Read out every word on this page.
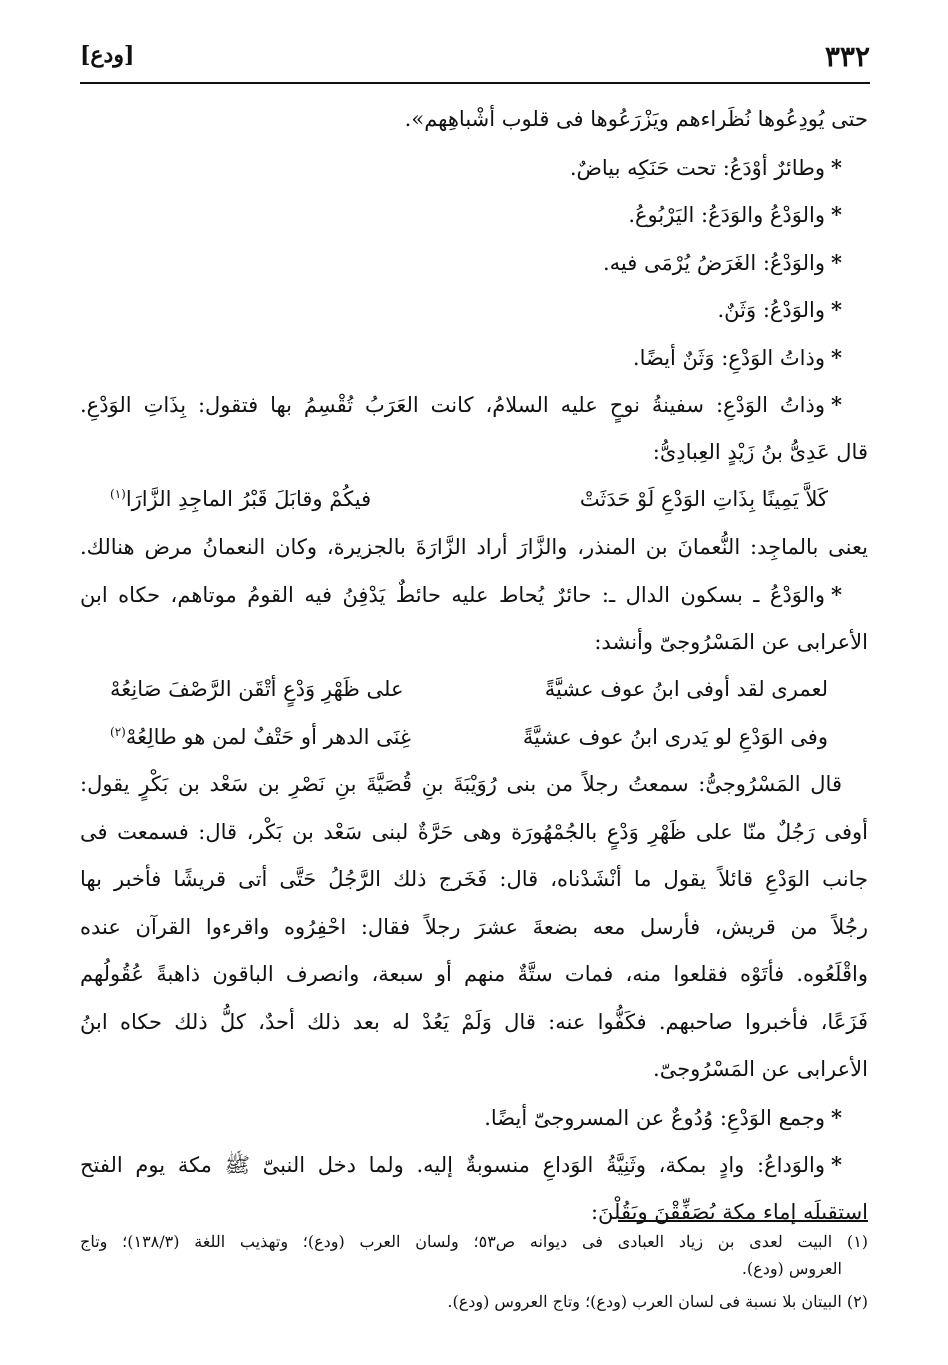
٣٣٢
[ودع]
حتى يُودِعُوها نُظَراءهم ويَزْرَعُوها فى قلوب أشْباهِهم».
*وطائرٌ أوْدَعُ: تحت حَنَكِه بياضٌ.
*والوَدْعُ والوَدَعُ: اليَرْبُوعُ.
*والوَدْعُ: الغَرَضُ يُرْمَى فيه.
*والوَدْعُ: وَثَنٌ.
*وذاتُ الوَدْعِ: وَثَنٌ أيضًا.
*وذاتُ الوَدْعِ: سفينةُ نوحٍ عليه السلامُ، كانت العَرَبُ تُقْسِمُ بها فتقول: بِذَاتِ الوَدْعِ.
قال عَدِىُّ بنُ زَيْدٍ العِبادِىُّ:
كَلاَّ يَمِينًا بِذَاتِ الوَدْعِ لَوْ حَدَثَتْ
فيكُمْ وقابَلَ قَبْرُ الماجِدِ الزَّارَا$^{(١)}$
يعنى بالماجِد: النُّعمانَ بن المنذر، والزَّارَ أراد الزَّارَةَ بالجزيرة، وكان النعمانُ مرض هنالك.
*والوَدْعُ ـ بسكون الدال ـ: حائرٌ يُحاط عليه حائطٌ يَدْفِنُ فيه القومُ موتاهم، حكاه ابن
الأعرابى عن المَسْرُوجىّ وأنشد:
لعمرى لقد أوفى ابنُ عوف عشيَّةً
على ظَهْرِ وَدْعٍ أتْقَن الرَّصْفَ صَانِعُهْ
وفى الوَدْعِ لو يَدرى ابنُ عوف عشيَّةً
غِنَى الدهر أو حَتْفٌ لمن هو طالِعُهْ$^{(٢)}$
قال المَسْرُوجىُّ: سمعتُ رجلاً من بنى رُوَيْبَةَ بنِ قُصَيَّةَ بنِ نَصْرِ بن سَعْد بن بَكْرٍ يقول:
أوفى رَجُلٌ منّا على ظَهْرِ وَدْعٍ بالجُمْهُورَة وهى حَرَّةٌ لبنى سَعْد بن بَكْر، قال: فسمعت فى
جانب الوَدْعِ قائلاً يقول ما أنْشَدْناه، قال: فَخَرج ذلك الرَّجُلُ حَتَّى أتى قريشًا فأخبر بها
رجُلاً من قريش، فأرسل معه بضعةَ عشرَ رجلاً فقال: احْفِرُوه واقرءوا القرآن عنده
واقْلَعُوه. فأتَوْه فقلعوا منه، فمات ستَّةٌ منهم أو سبعة، وانصرف الباقون ذاهبةً عُقُولُهم
فَزَعًا، فأخبروا صاحبهم. فكَفُّوا عنه: قال وَلَمْ يَعُدْ له بعد ذلك أحدٌ، كلُّ ذلك حكاه ابنُ
الأعرابى عن المَسْرُوجىّ.
*وجمع الوَدْعِ: وُدُوعٌ عن المسروجىّ أيضًا.
*والوَداعُ: وادٍ بمكة، وثَنِيَّةُ الوَداعِ منسوبةٌ إليه. ولما دخل النبىّ ﷺ مكة يوم الفتح
استقبلَه إماء مكة يُصَفِّقْنَ ويَقُلْنَ:
(١) البيت لعدى بن زياد العبادى فى ديوانه ص٥٣؛ ولسان العرب (ودع)؛ وتهذيب اللغة (١٣٨/٣)؛ وتاج
العروس (ودع).
(٢) البيتان بلا نسبة فى لسان العرب (ودع)؛ وتاج العروس (ودع).
